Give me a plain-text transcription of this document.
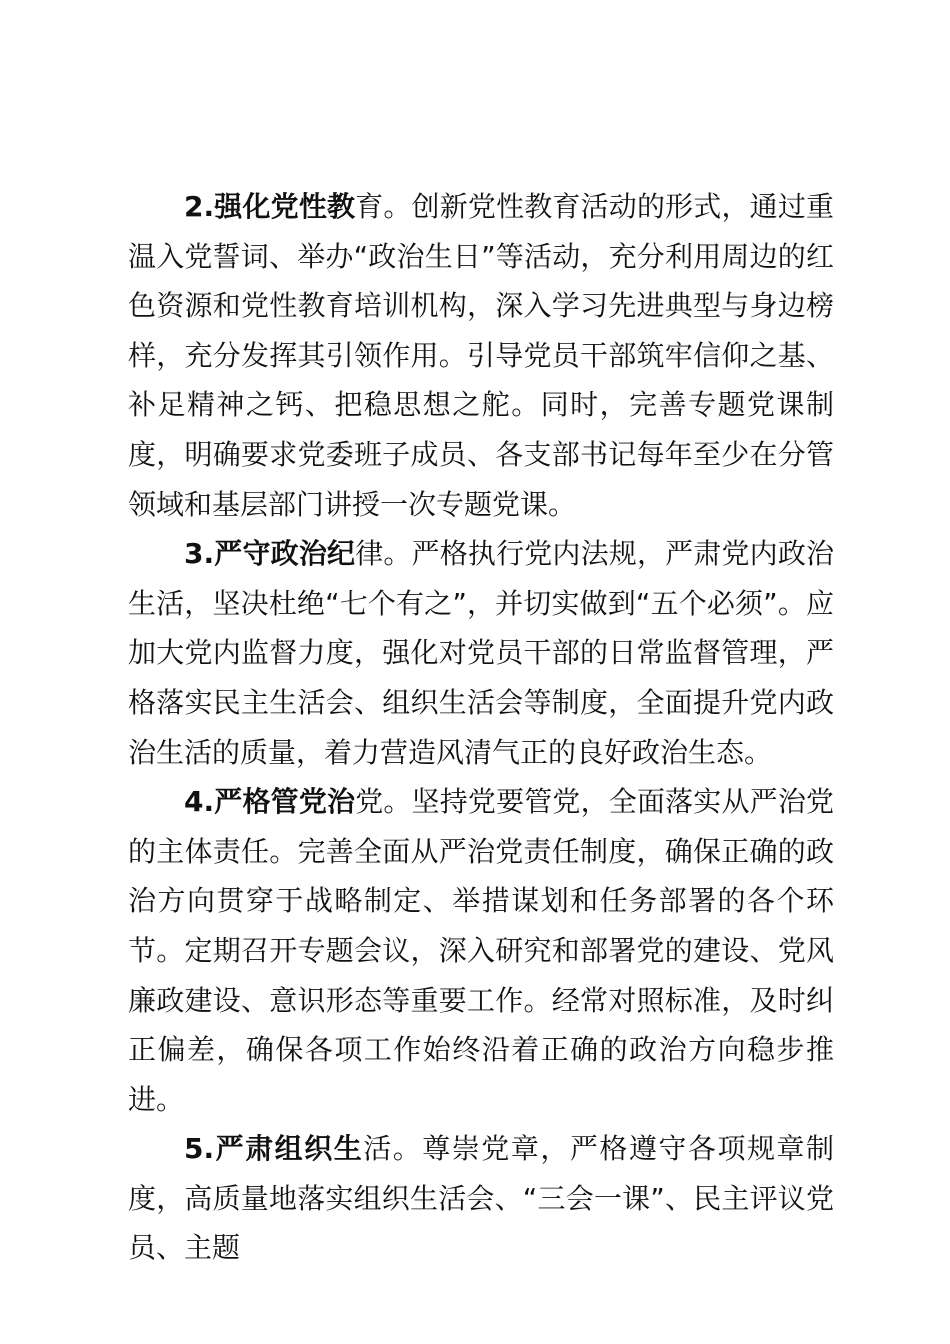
2.强化党性教育。创新党性教育活动的形式，通过重温入党誓词、举办“政治生日”等活动，充分利用周边的红色资源和党性教育培训机构，深入学习先进典型与身边榜样，充分发挥其引领作用。引导党员干部筑牢信仰之基、补足精神之钙、把稳思想之舵。同时，完善专题党课制度，明确要求党委班子成员、各支部书记每年至少在分管领域和基层部门讲授一次专题党课。

3.严守政治纪律。严格执行党内法规，严肃党内政治生活，坚决杜绝“七个有之”，并切实做到“五个必须”。应加大党内监督力度，强化对党员干部的日常监督管理，严格落实民主生活会、组织生活会等制度，全面提升党内政治生活的质量，着力营造风清气正的良好政治生态。

4.严格管党治党。坚持党要管党，全面落实从严治党的主体责任。完善全面从严治党责任制度，确保正确的政治方向贯穿于战略制定、举措谋划和任务部署的各个环节。定期召开专题会议，深入研究和部署党的建设、党风廉政建设、意识形态等重要工作。经常对照标准，及时纠正偏差，确保各项工作始终沿着正确的政治方向稳步推进。

5.严肃组织生活。尊崇党章，严格遵守各项规章制度，高质量地落实组织生活会、“三会一课”、民主评议党员、主题
